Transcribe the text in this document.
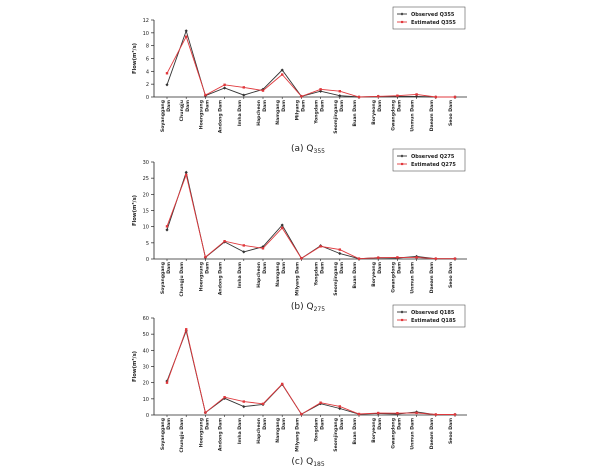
0
2
4
6
8
10
12
Flow(m³/s)
Soyanggang Dam Chungju Dam Hoengsung Dam Andong Dam	Imha Dam	Hapcheon Dam Namgang Dam Milyang Dam Yongdam Dam Seomjingang Dam Buan Dam	Boryeong Dam Gwangdong Dam Unmun Dam	Daeam Dam	Seoo Dam
Observed Q355
Estimated Q355
(a) $Q_{355}$
0
5
10
15
20
25
30
Flow(m³/s)
Soyanggang Dam Chungju Dam	Hoengsung Dam Andong Dam	Imha Dam	Hapcheon Dam Namgang Dam Milyang Dam	Yongdam Dam Seomjingang Dam Buan Dam	Boryeong Dam Gwangdong Dam Unmun Dam	Daeam Dam	Seoo Dam
Observed Q275
Estimated Q275
(b) $Q_{275}$
0
10
20
30
40
50
60
Flow(m³/s)
Soyanggang Dam Chungju Dam	Hoengsung Dam Andong Dam	Imha Dam	Hapcheon Dam Namgang Dam Milyang Dam	Yongdam Dam Seomjingang Dam Buan Dam	Boryeong Dam Gwangdong Dam Unmun Dam	Daeam Dam	Seoo Dam
Observed Q185
Estimated Q185
(c) $Q_{185}$
